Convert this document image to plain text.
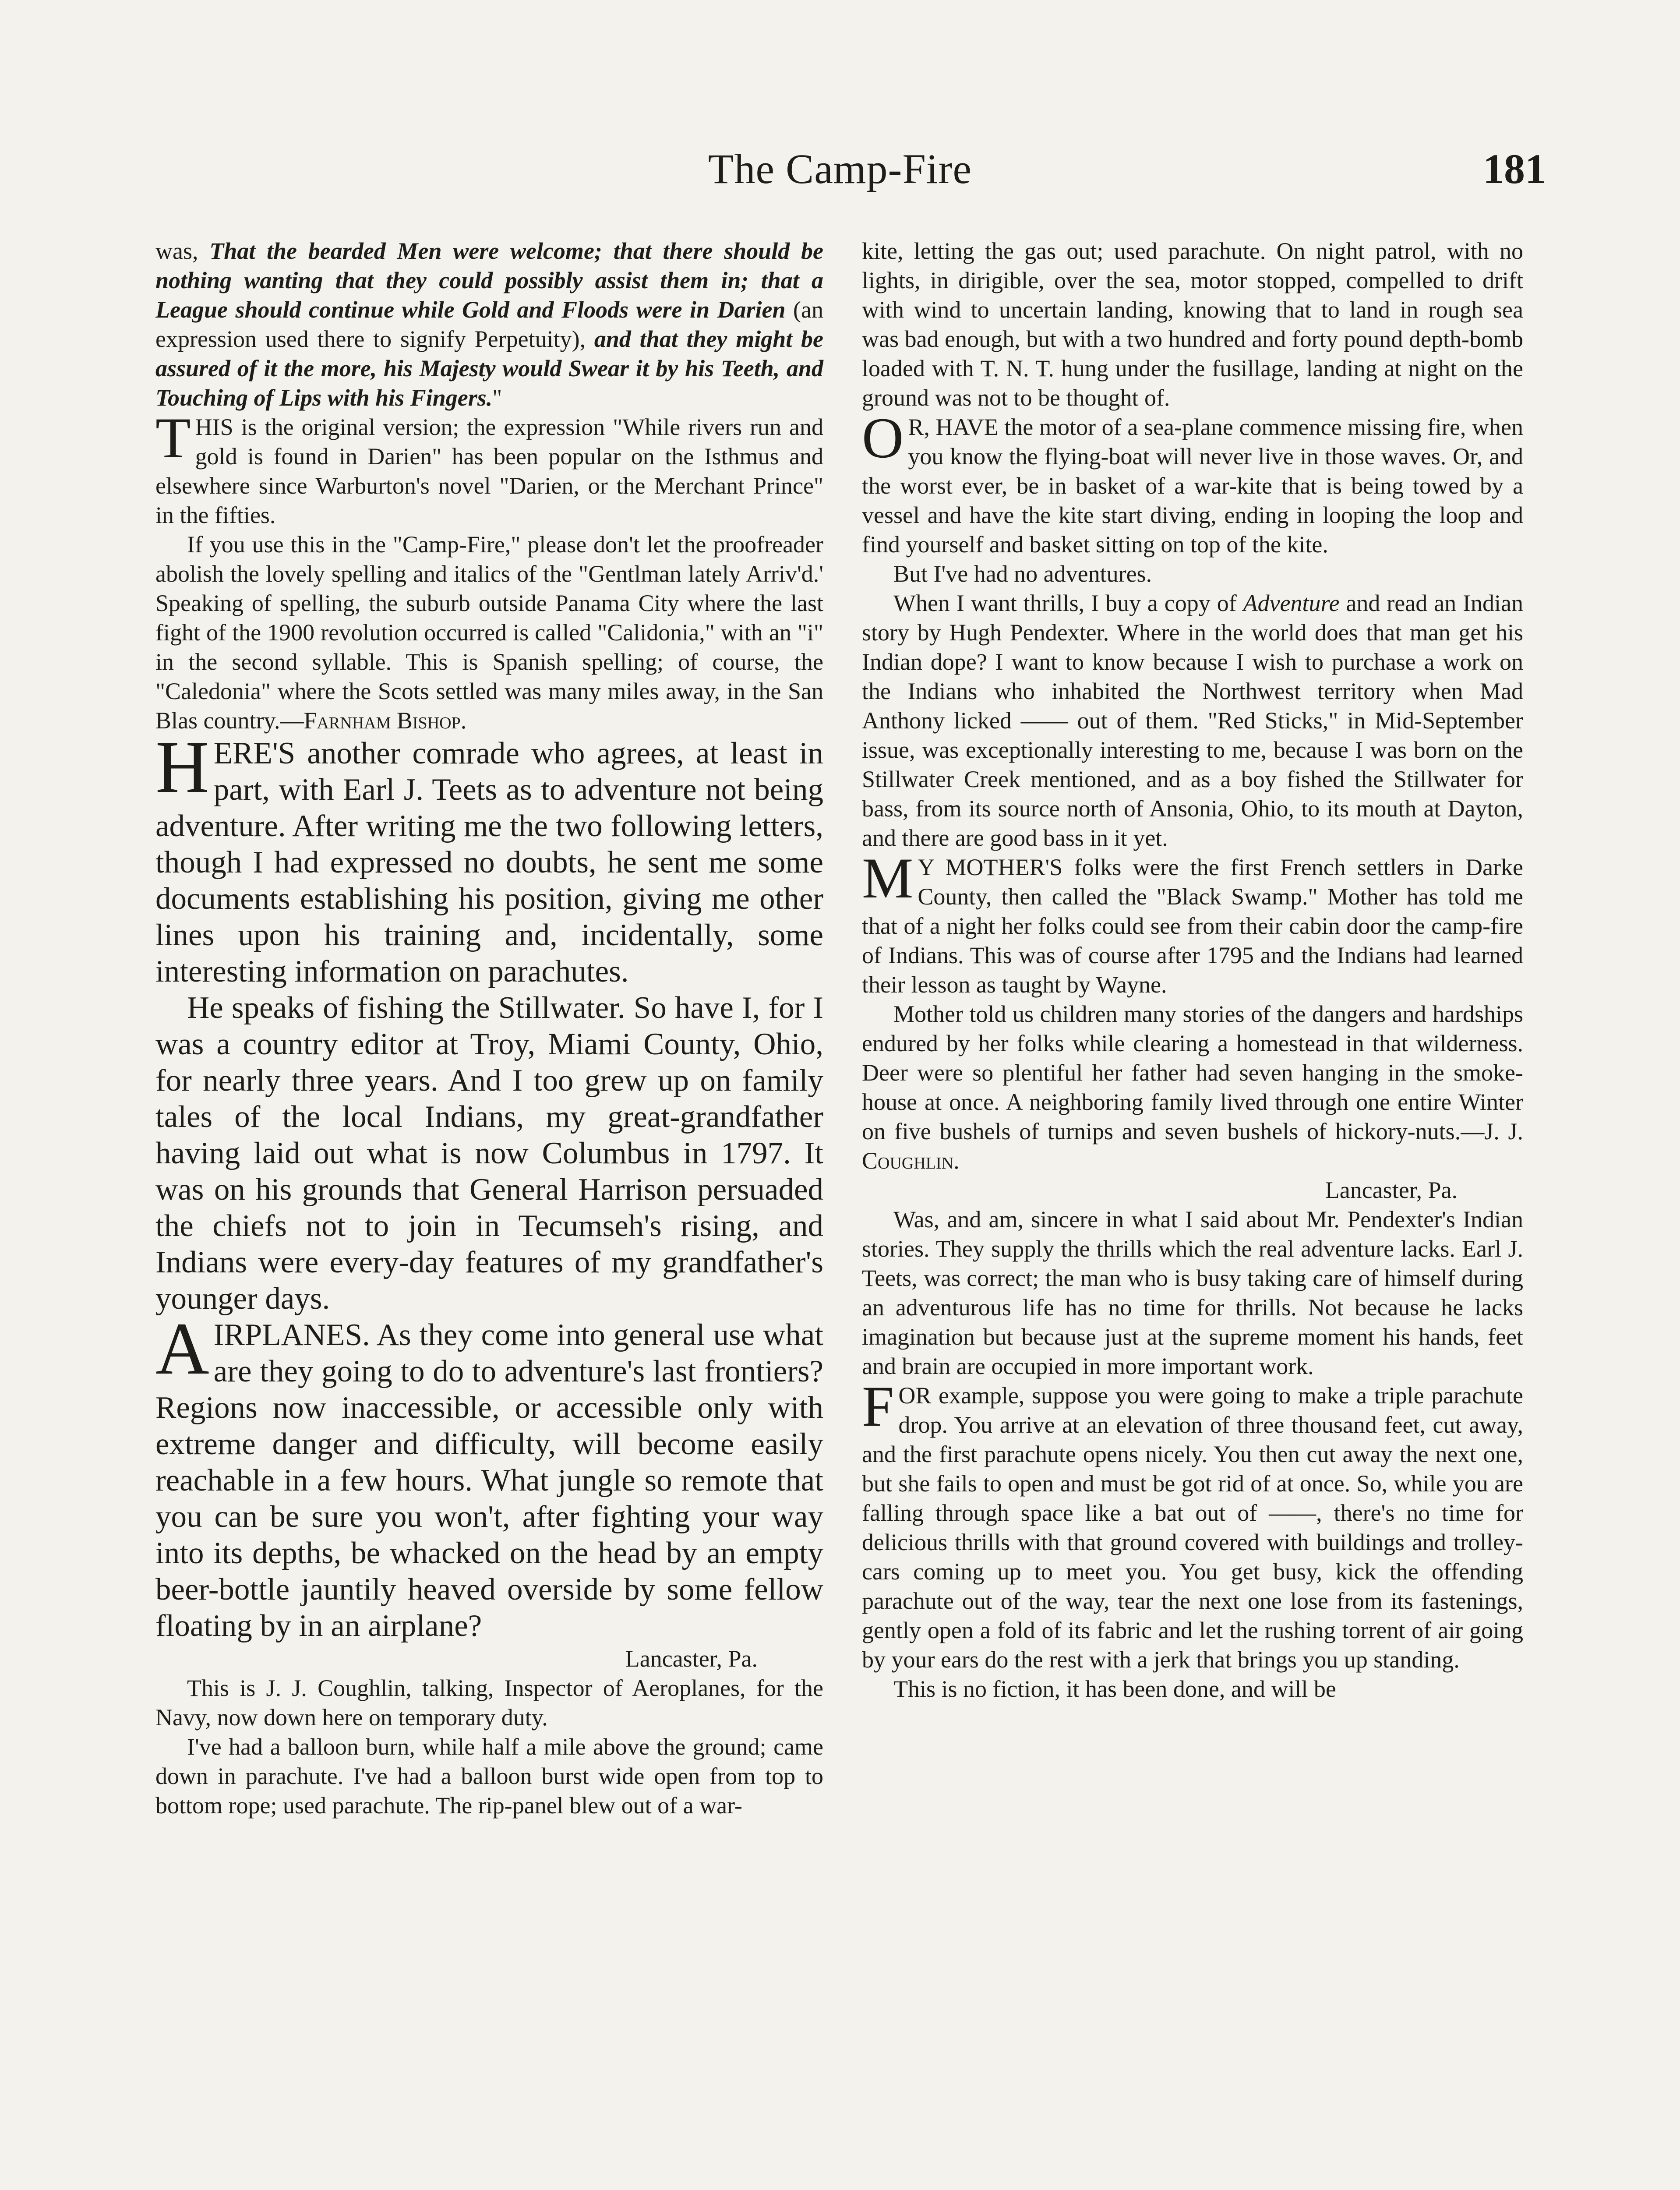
The Camp-Fire	181

was, That the bearded Men were welcome; that there should be nothing wanting that they could possibly assist them in; that a League should continue while Gold and Floods were in Darien (an expression used there to signify Perpetuity), and that they might be assured of it the more, his Majesty would Swear it by his Teeth, and Touching of Lips with his Fingers."

THIS is the original version; the expression "While rivers run and gold is found in Darien" has been popular on the Isthmus and elsewhere since Warburton's novel "Darien, or the Merchant Prince" in the fifties.

If you use this in the "Camp-Fire," please don't let the proofreader abolish the lovely spelling and italics of the "Gentlman lately Arriv'd.' Speaking of spelling, the suburb outside Panama City where the last fight of the 1900 revolution occurred is called "Calidonia," with an "i" in the second syllable. This is Spanish spelling; of course, the "Caledonia" where the Scots settled was many miles away, in the San Blas country.—Farnham Bishop.

HERE'S another comrade who agrees, at least in part, with Earl J. Teets as to adventure not being adventure. After writing me the two following letters, though I had expressed no doubts, he sent me some documents establishing his position, giving me other lines upon his training and, incidentally, some interesting information on parachutes.

He speaks of fishing the Stillwater. So have I, for I was a country editor at Troy, Miami County, Ohio, for nearly three years. And I too grew up on family tales of the local Indians, my great-grandfather having laid out what is now Columbus in 1797. It was on his grounds that General Harrison persuaded the chiefs not to join in Tecumseh's rising, and Indians were every-day features of my grandfather's younger days.

AIRPLANES. As they come into general use what are they going to do to adventure's last frontiers? Regions now inaccessible, or accessible only with extreme danger and difficulty, will become easily reachable in a few hours. What jungle so remote that you can be sure you won't, after fighting your way into its depths, be whacked on the head by an empty beer-bottle jauntily heaved overside by some fellow floating by in an airplane?

Lancaster, Pa.

This is J. J. Coughlin, talking, Inspector of Aeroplanes, for the Navy, now down here on temporary duty.

I've had a balloon burn, while half a mile above the ground; came down in parachute. I've had a balloon burst wide open from top to bottom rope; used parachute. The rip-panel blew out of a war-

kite, letting the gas out; used parachute. On night patrol, with no lights, in dirigible, over the sea, motor stopped, compelled to drift with wind to uncertain landing, knowing that to land in rough sea was bad enough, but with a two hundred and forty pound depth-bomb loaded with T. N. T. hung under the fusillage, landing at night on the ground was not to be thought of.

O R, HAVE the motor of a sea-plane commence missing fire, when you know the flying-boat will never live in those waves. Or, and the worst ever, be in basket of a war-kite that is being towed by a vessel and have the kite start diving, ending in looping the loop and find yourself and basket sitting on top of the kite.

But I've had no adventures.

When I want thrills, I buy a copy of Adventure and read an Indian story by Hugh Pendexter. Where in the world does that man get his Indian dope? I want to know because I wish to purchase a work on the Indians who inhabited the Northwest territory when Mad Anthony licked —— out of them. "Red Sticks," in Mid-September issue, was exceptionally interesting to me, because I was born on the Stillwater Creek mentioned, and as a boy fished the Stillwater for bass, from its source north of Ansonia, Ohio, to its mouth at Dayton, and there are good bass in it yet.

M Y MOTHER'S folks were the first French settlers in Darke County, then called the "Black Swamp." Mother has told me that of a night her folks could see from their cabin door the camp-fire of Indians. This was of course after 1795 and the Indians had learned their lesson as taught by Wayne.

Mother told us children many stories of the dangers and hardships endured by her folks while clearing a homestead in that wilderness. Deer were so plentiful her father had seven hanging in the smoke-house at once. A neighboring family lived through one entire Winter on five bushels of turnips and seven bushels of hickory-nuts.—J. J. Coughlin.

Lancaster, Pa.

Was, and am, sincere in what I said about Mr. Pendexter's Indian stories. They supply the thrills which the real adventure lacks. Earl J. Teets, was correct; the man who is busy taking care of himself during an adventurous life has no time for thrills. Not because he lacks imagination but because just at the supreme moment his hands, feet and brain are occupied in more important work.

FOR example, suppose you were going to make a triple parachute drop. You arrive at an elevation of three thousand feet, cut away, and the first parachute opens nicely. You then cut away the next one, but she fails to open and must be got rid of at once. So, while you are falling through space like a bat out of ——, there's no time for delicious thrills with that ground covered with buildings and trolley-cars coming up to meet you. You get busy, kick the offending parachute out of the way, tear the next one lose from its fastenings, gently open a fold of its fabric and let the rushing torrent of air going by your ears do the rest with a jerk that brings you up standing.

This is no fiction, it has been done, and will be
